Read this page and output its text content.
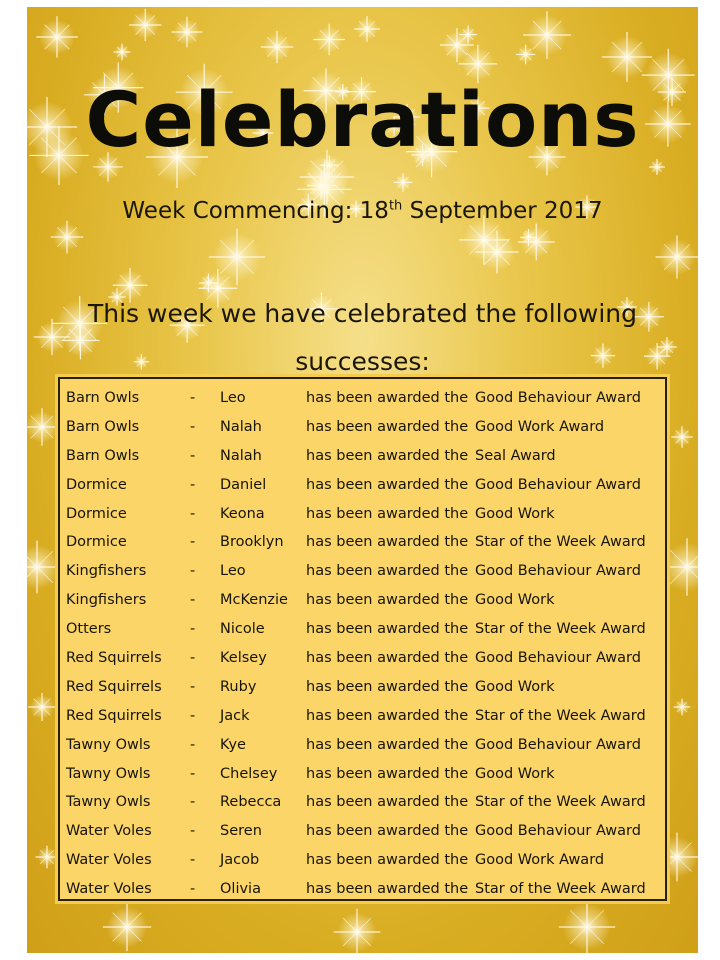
Celebrations
Week Commencing: 18th September 2017
This week we have celebrated the following
successes:
Barn Owls	- Leo	has been awarded the Good Behaviour Award
Barn Owls	- Nalah	has been awarded the Good Work Award
Barn Owls	- Nalah	has been awarded the Seal Award
Dormice	- Daniel	has been awarded the Good Behaviour Award
Dormice	- Keona	has been awarded the Good Work
Dormice	- Brooklyn has been awarded the Star of the Week Award
Kingfishers	- Leo	has been awarded the Good Behaviour Award
Kingfishers	- McKenzie has been awarded the Good Work
Otters	- Nicole	has been awarded the Star of the Week Award
Red Squirrels - Kelsey	has been awarded the Good Behaviour Award
Red Squirrels - Ruby	has been awarded the Good Work
Red Squirrels - Jack	has been awarded the Star of the Week Award
Tawny Owls	- Kye	has been awarded the Good Behaviour Award
Tawny Owls	- Chelsey has been awarded the Good Work
Tawny Owls	- Rebecca has been awarded the Star of the Week Award
Water Voles	- Seren	has been awarded the Good Behaviour Award
Water Voles	- Jacob	has been awarded the Good Work Award
Water Voles	- Olivia	has been awarded the Star of the Week Award
